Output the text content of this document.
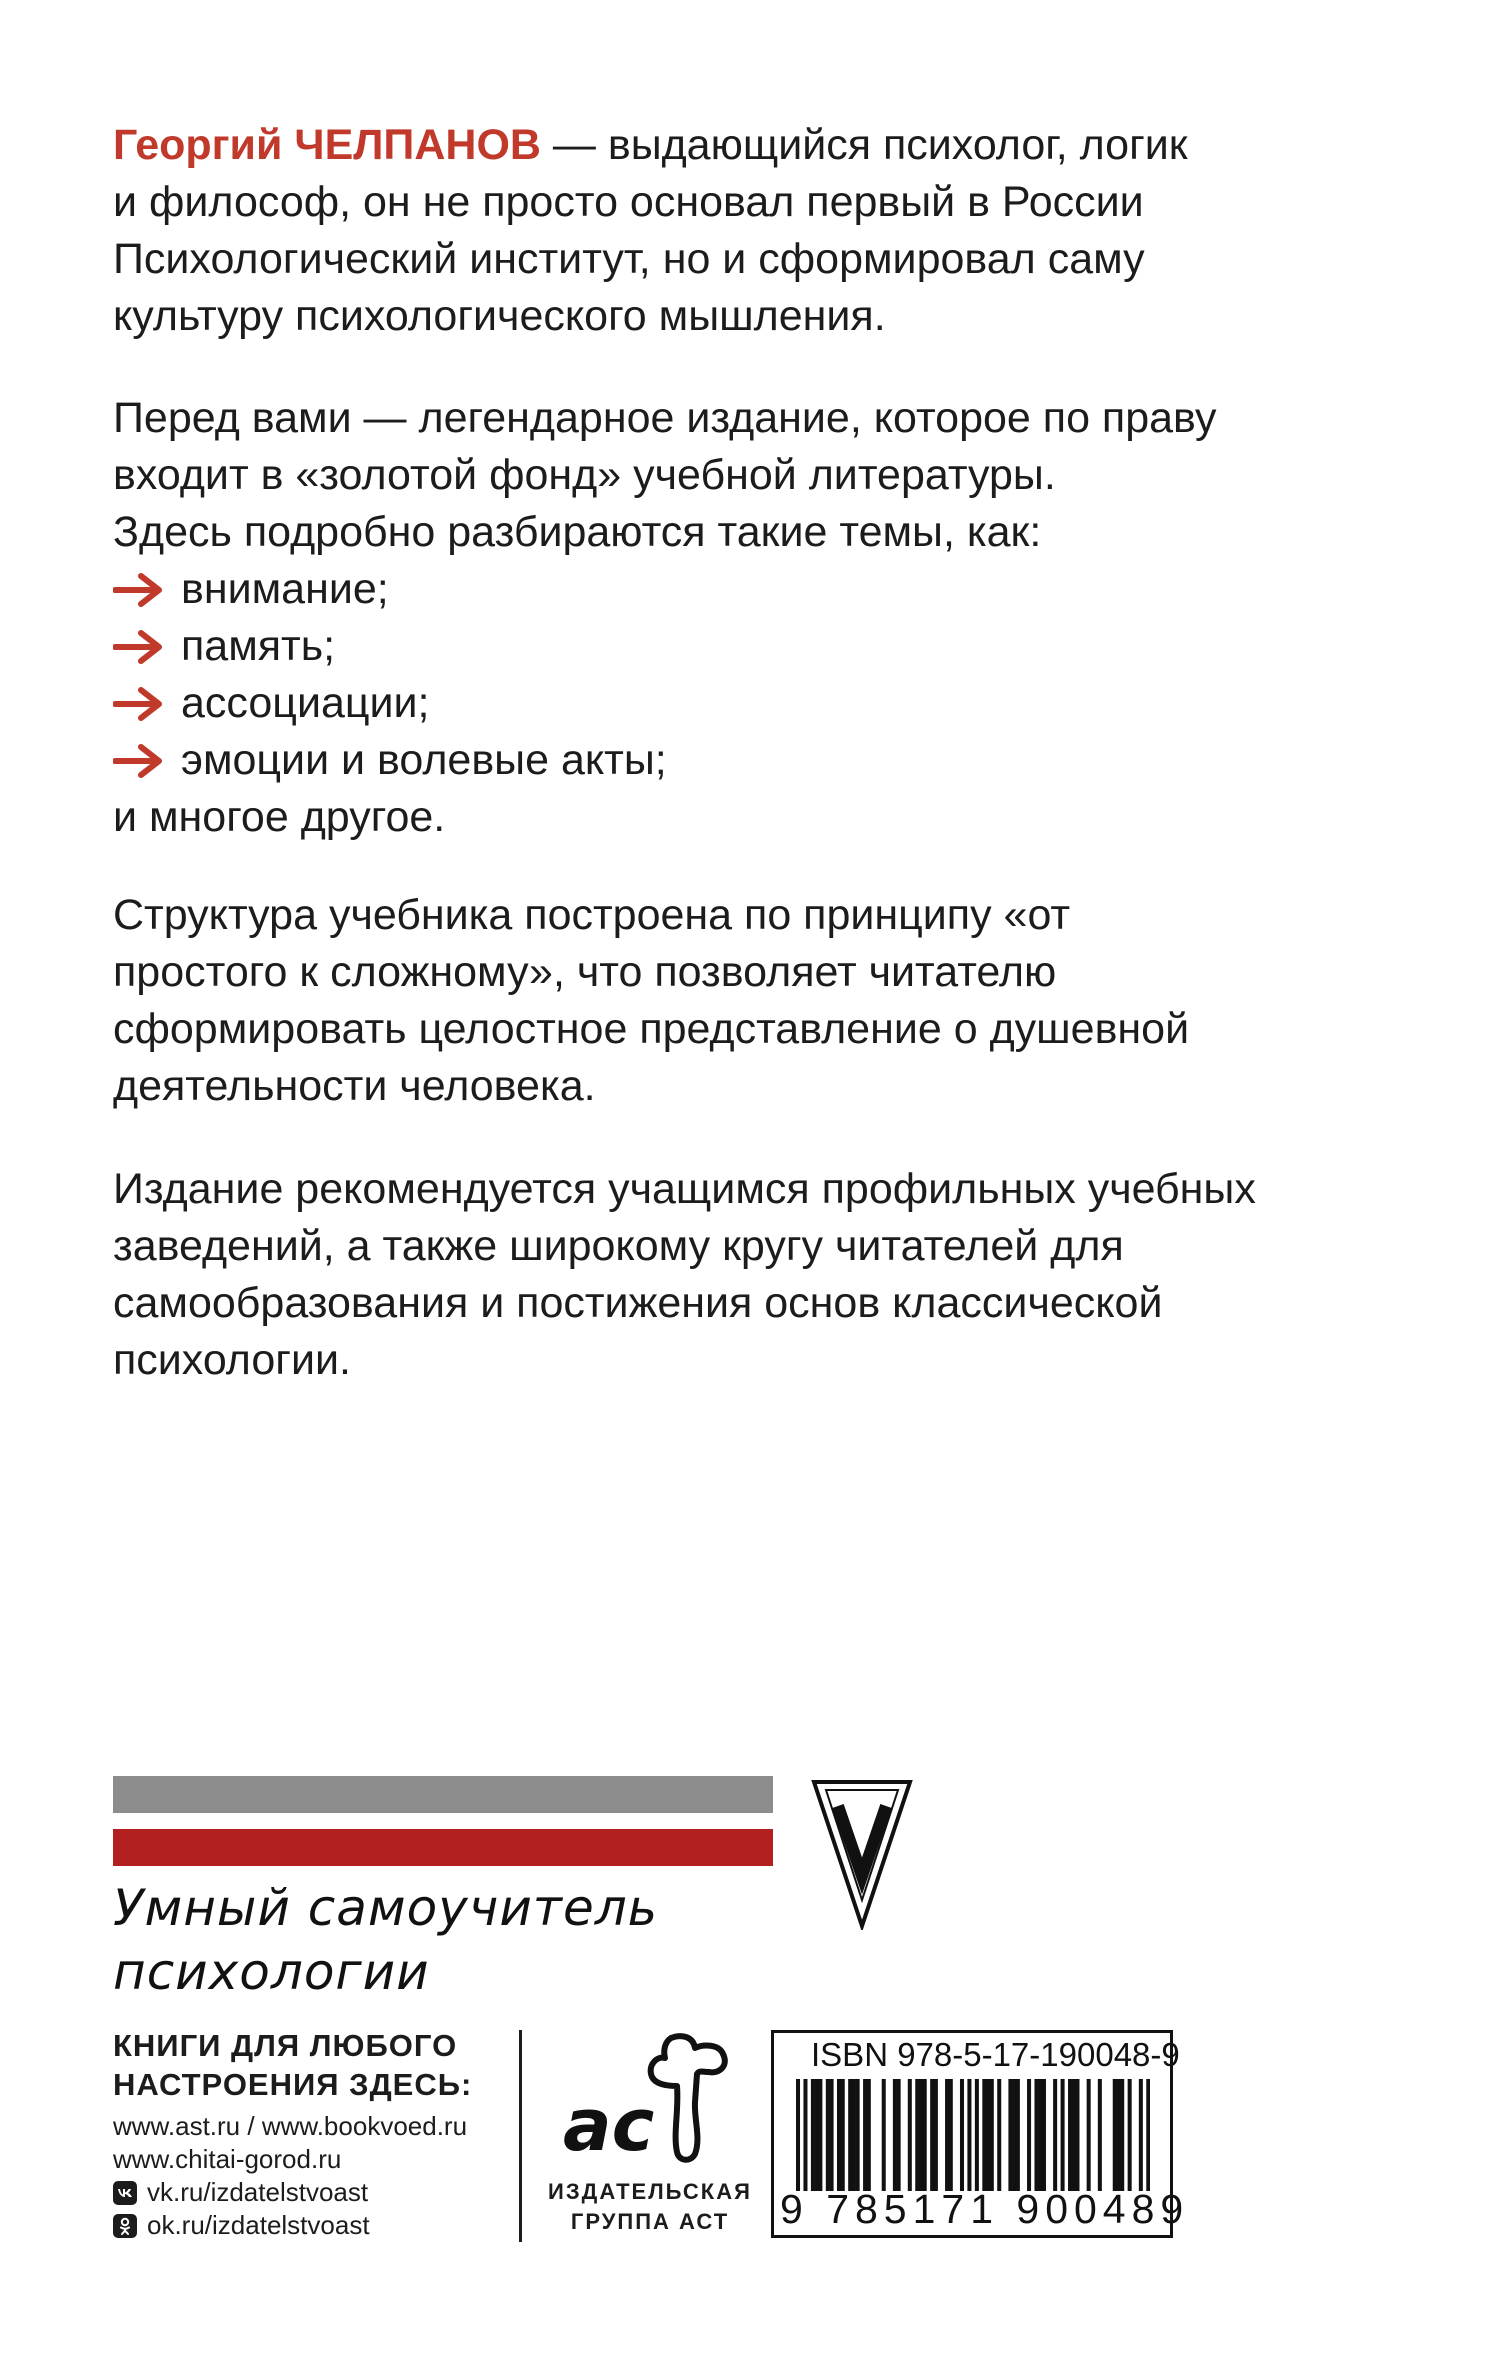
Георгий ЧЕЛПАНОВ — выдающийся психолог, логик

и философ, он не просто основал первый в России

Психологический институт, но и сформировал саму

культуру психологического мышления.

Перед вами — легендарное издание, которое по праву

входит в «золотой фонд» учебной литературы.

Здесь подробно разбираются такие темы, как:

внимание;
память;
ассоциации;
эмоции и волевые акты;

и многое другое.

Структура учебника построена по принципу «от

простого к сложному», что позволяет читателю

сформировать целостное представление о душевной

деятельности человека.

Издание рекомендуется учащимся профильных учебных

заведений, а также широкому кругу читателей для

самообразования и постижения основ классической

психологии.

Умный самоучитель психологии
КНИГИ ДЛЯ ЛЮБОГО
НАСТРОЕНИЯ ЗДЕСЬ:
www.ast.ru / www.bookvoed.ru
www.chitai-gorod.ru
vk.ru/izdatelstvoast
ok.ru/izdatelstvoast
ac
ИЗДАТЕЛЬСКАЯ
ГРУППА АСТ
ISBN 978-5-17-190048-9
9 785171 900489
